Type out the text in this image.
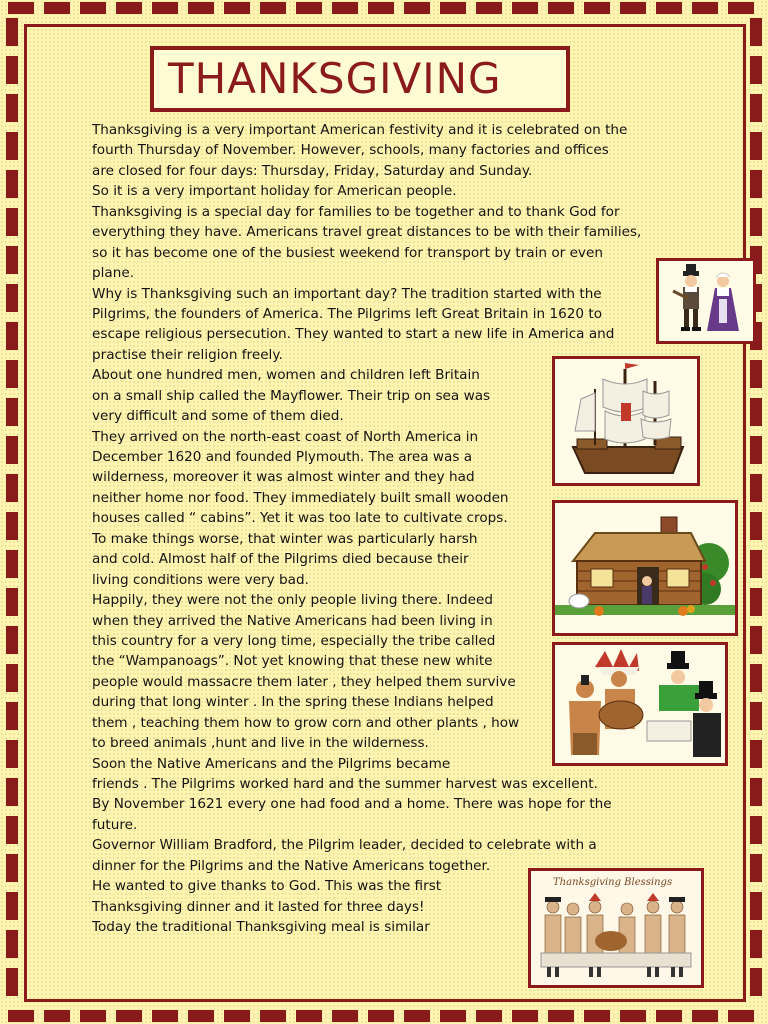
THANKSGIVING
Thanksgiving is a very important American festivity and it is celebrated on the
fourth Thursday of November. However, schools, many factories and offices
are closed for four days: Thursday, Friday, Saturday and Sunday.
So it is a very important holiday for American people.
Thanksgiving is a special day for families to be together and to thank God for
everything they have. Americans travel great distances to be with their families,
so it has become one of the busiest weekend for transport by train or even
plane.
Why is Thanksgiving such an important day? The tradition started with the
Pilgrims, the founders of America. The Pilgrims left Great Britain in 1620 to
escape religious persecution. They wanted to start a new life in America and
practise their religion freely.
About one hundred men, women and children left Britain
on a small ship called the Mayflower. Their trip on sea was
very difficult and some of them died.
They arrived on the north-east coast of North America in
December 1620 and founded Plymouth. The area was a
wilderness, moreover it was almost winter and they had
neither home nor food. They immediately built small wooden
houses called “ cabins”. Yet it was too late to cultivate crops.
To make things worse, that winter was particularly harsh
and cold. Almost half of the Pilgrims died because their
living conditions were very bad.
Happily, they were not the only people living there. Indeed
when they arrived the Native Americans had been living in
this country for a very long time, especially the tribe called
the “Wampanoags”. Not yet knowing that these new white
people would massacre them later , they helped them survive
during that long winter . In the spring these Indians helped
them , teaching them how to grow corn and other plants , how
to breed animals ,hunt and live in the wilderness.
Soon the Native Americans and the Pilgrims became
friends . The Pilgrims worked hard and the summer harvest was excellent.
By November 1621 every one had food and a home. There was hope for the
future.
Governor William Bradford, the Pilgrim leader, decided to celebrate with a
dinner for the Pilgrims and the Native Americans together.
He wanted to give thanks to God. This was the first
Thanksgiving dinner and it lasted for three days!
Today the traditional Thanksgiving meal is similar
Thanksgiving Blessings
